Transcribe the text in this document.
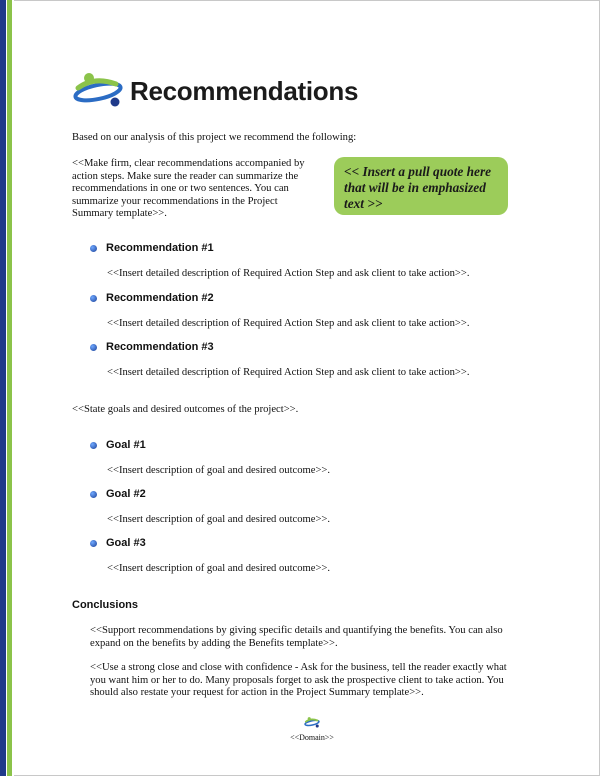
Recommendations
Based on our analysis of this project we recommend the following:
<<Make firm, clear recommendations accompanied by
action steps. Make sure the reader can summarize the
recommendations in one or two sentences. You can
summarize your recommendations in the Project
Summary template>>.
<< Insert a pull quote here
that will be in emphasized
text >>
Recommendation #1
<<Insert detailed description of Required Action Step and ask client to take action>>.
Recommendation #2
<<Insert detailed description of Required Action Step and ask client to take action>>.
Recommendation #3
<<Insert detailed description of Required Action Step and ask client to take action>>.
<<State goals and desired outcomes of the project>>.
Goal #1
<<Insert description of goal and desired outcome>>.
Goal #2
<<Insert description of goal and desired outcome>>.
Goal #3
<<Insert description of goal and desired outcome>>.
Conclusions
<<Support recommendations by giving specific details and quantifying the benefits. You can also
expand on the benefits by adding the Benefits template>>.
<<Use a strong close and close with confidence - Ask for the business, tell the reader exactly what
you want him or her to do. Many proposals forget to ask the prospective client to take action. You
should also restate your request for action in the Project Summary template>>.
<<Domain>>
